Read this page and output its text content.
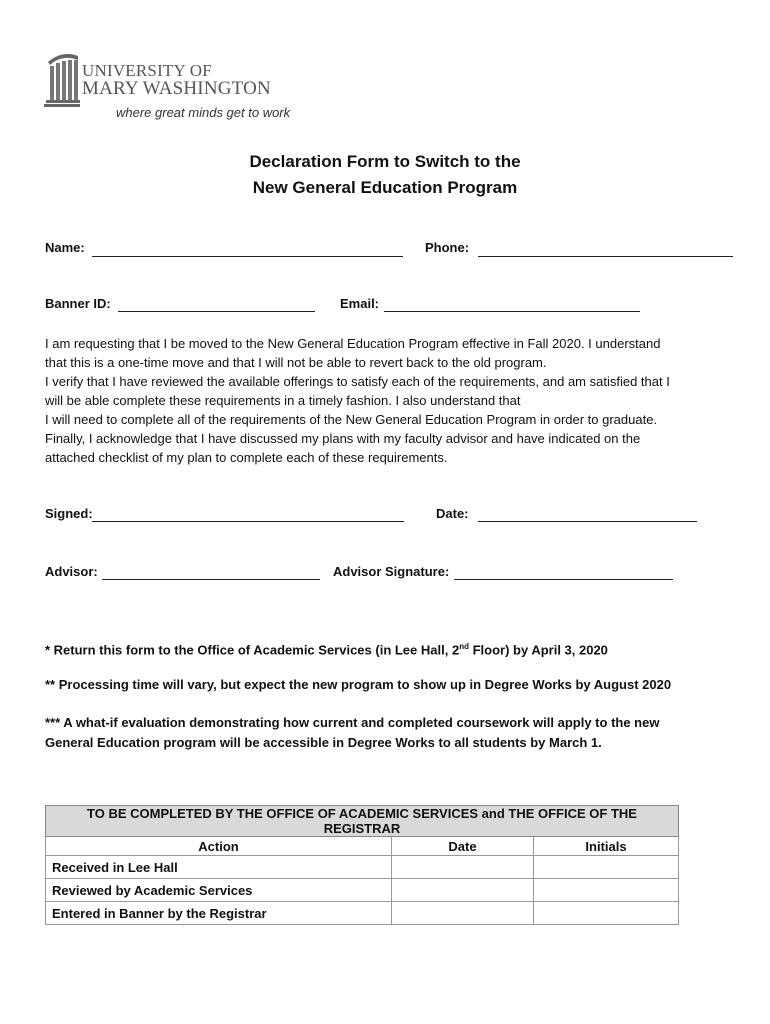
UNIVERSITY OF
MARY WASHINGTON
where great minds get to work
Declaration Form to Switch to the
New General Education Program
Name:	Phone:
Banner ID:	Email:
I am requesting that I be moved to the New General Education Program effective in Fall 2020. I understand
that this is a one-time move and that I will not be able to revert back to the old program.
I verify that I have reviewed the available offerings to satisfy each of the requirements, and am satisfied that I
will be able complete these requirements in a timely fashion. I also understand that
I will need to complete all of the requirements of the New General Education Program in order to graduate.
Finally, I acknowledge that I have discussed my plans with my faculty advisor and have indicated on the
attached checklist of my plan to complete each of these requirements.
Signed:	Date:
Advisor:	Advisor Signature:
* Return this form to the Office of Academic Services (in Lee Hall, 2nd Floor) by April 3, 2020
** Processing time will vary, but expect the new program to show up in Degree Works by August 2020
*** A what-if evaluation demonstrating how current and completed coursework will apply to the new
General Education program will be accessible in Degree Works to all students by March 1.
TO BE COMPLETED BY THE OFFICE OF ACADEMIC SERVICES and THE OFFICE OF THE REGISTRAR		
Action	Date	Initials
Received in Lee Hall		
Reviewed by Academic Services		
Entered in Banner by the Registrar		
